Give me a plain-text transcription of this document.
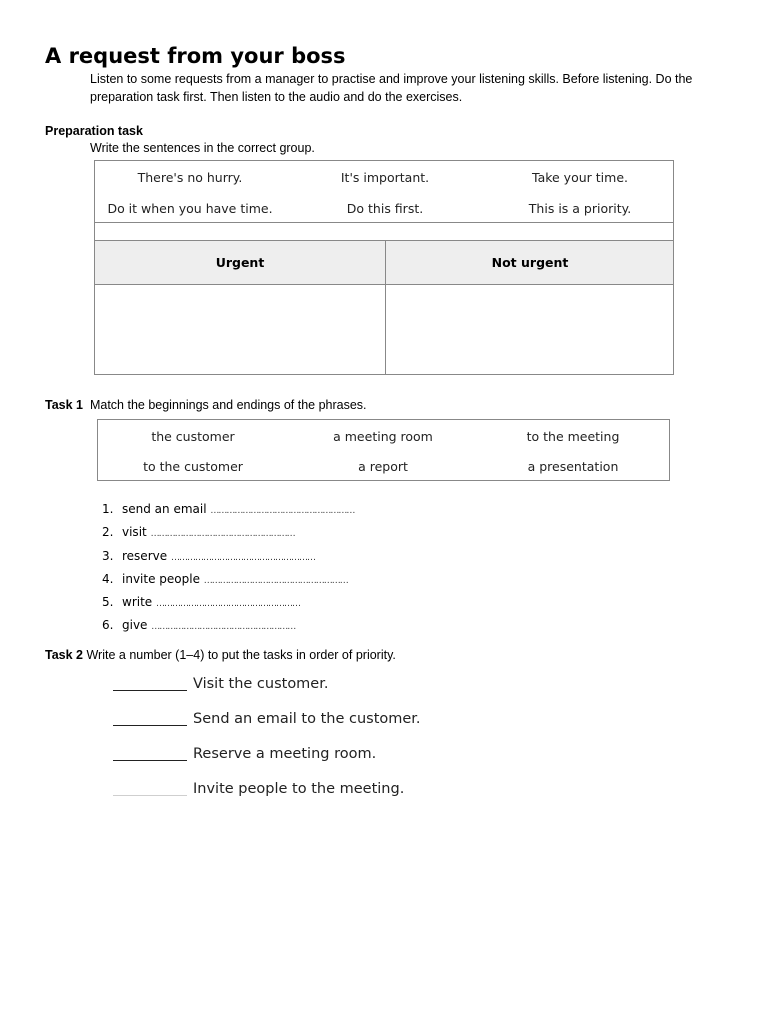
A request from your boss
Listen to some requests from a manager to practise and improve your listening skills. Before listening. Do the preparation task first. Then listen to the audio and do the exercises.
Preparation task
Write the sentences in the correct group.
There's no hurry.	It's important.	Take your time.
Do it when you have time.	Do this first.	This is a priority.
Urgent	Not urgent
Task 1 Match the beginnings and endings of the phrases.
the customer	a meeting room	to the meeting
to the customer	a report	a presentation
1. send an email ………………………………………………
2. visit ………………………………………………
3. reserve ………………………………………………
4. invite people ………………………………………………
5. write ………………………………………………
6. give ………………………………………………
Task 2 Write a number (1–4) to put the tasks in order of priority.
Visit the customer.
Send an email to the customer.
Reserve a meeting room.
Invite people to the meeting.
